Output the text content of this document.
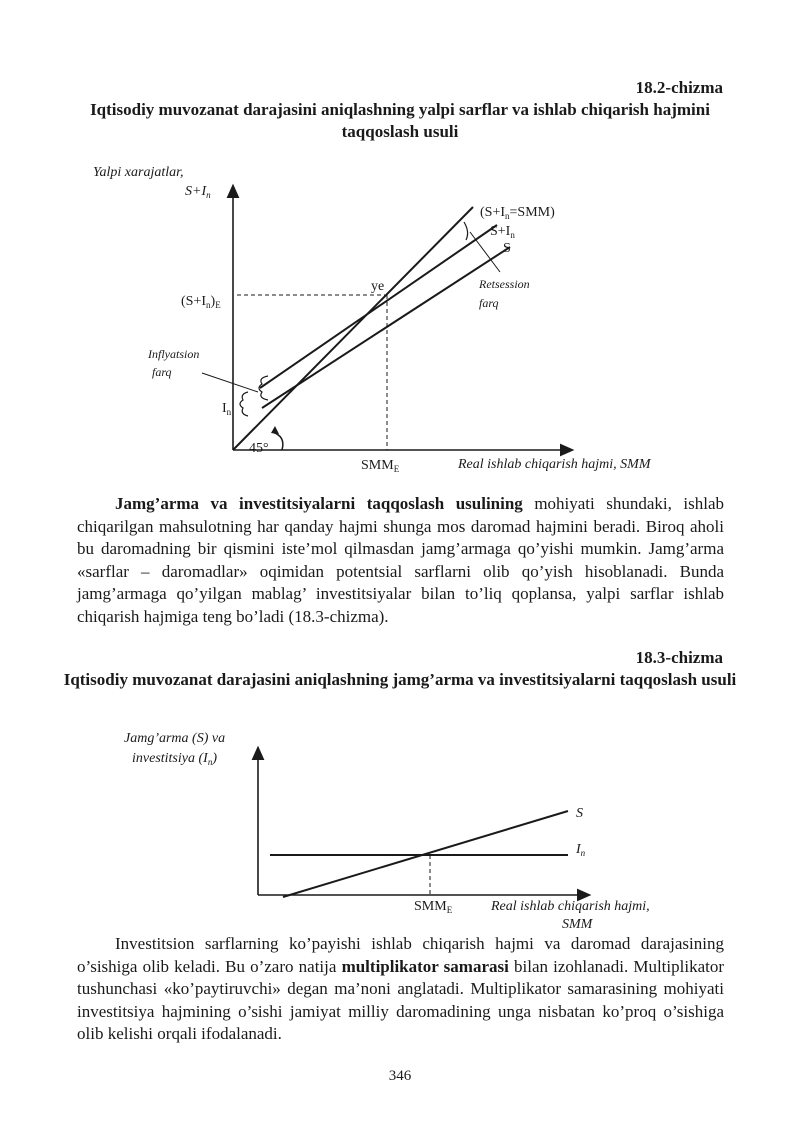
18.2-chizma
Iqtisodiy muvozanat darajasini aniqlashning yalpi sarflar va ishlab chiqarish hajmini taqqoslash usuli
Yalpi xarajatlar,
$S+I_n$
Real ishlab chiqarish hajmi, SMM
$(S+I_n=SMM)$
$S+I_n$
S
ye
$(S+I_n)_E$
$SMM_E$
Retsession
farq
Inflyatsion
farq
$I_n$
45°

Jamg’arma va investitsiyalarni taqqoslash usulining mohiyati shundaki, ishlab chiqarilgan mahsulotning har qanday hajmi shunga mos daromad hajmini beradi. Biroq aholi bu daromadning bir qismini iste’mol qilmasdan jamg’armaga qo’yishi mumkin. Jamg’arma «sarflar – daromadlar» oqimidan potentsial sarflarni olib qo’yish hisoblanadi. Bunda jamg’armaga qo’yilgan mablag’ investitsiyalar bilan to’liq qoplansa, yalpi sarflar ishlab chiqarish hajmiga teng bo’ladi (18.3-chizma).

18.3-chizma
Iqtisodiy muvozanat darajasini aniqlashning jamg’arma va investitsiyalarni taqqoslash usuli
Jamg’arma (S) va
investitsiya $(I_n)$
S
$I_n$
$SMM_E$	Real ishlab chiqarish hajmi,
SMM

Investitsion sarflarning ko’payishi ishlab chiqarish hajmi va daromad darajasining o’sishiga olib keladi. Bu o’zaro natija multiplikator samarasi bilan izohlanadi. Multiplikator tushunchasi «ko’paytiruvchi» degan ma’noni anglatadi. Multiplikator samarasining mohiyati investitsiya hajmining o’sishi jamiyat milliy daromadining unga nisbatan ko’proq o’sishiga olib kelishi orqali ifodalanadi.

346
